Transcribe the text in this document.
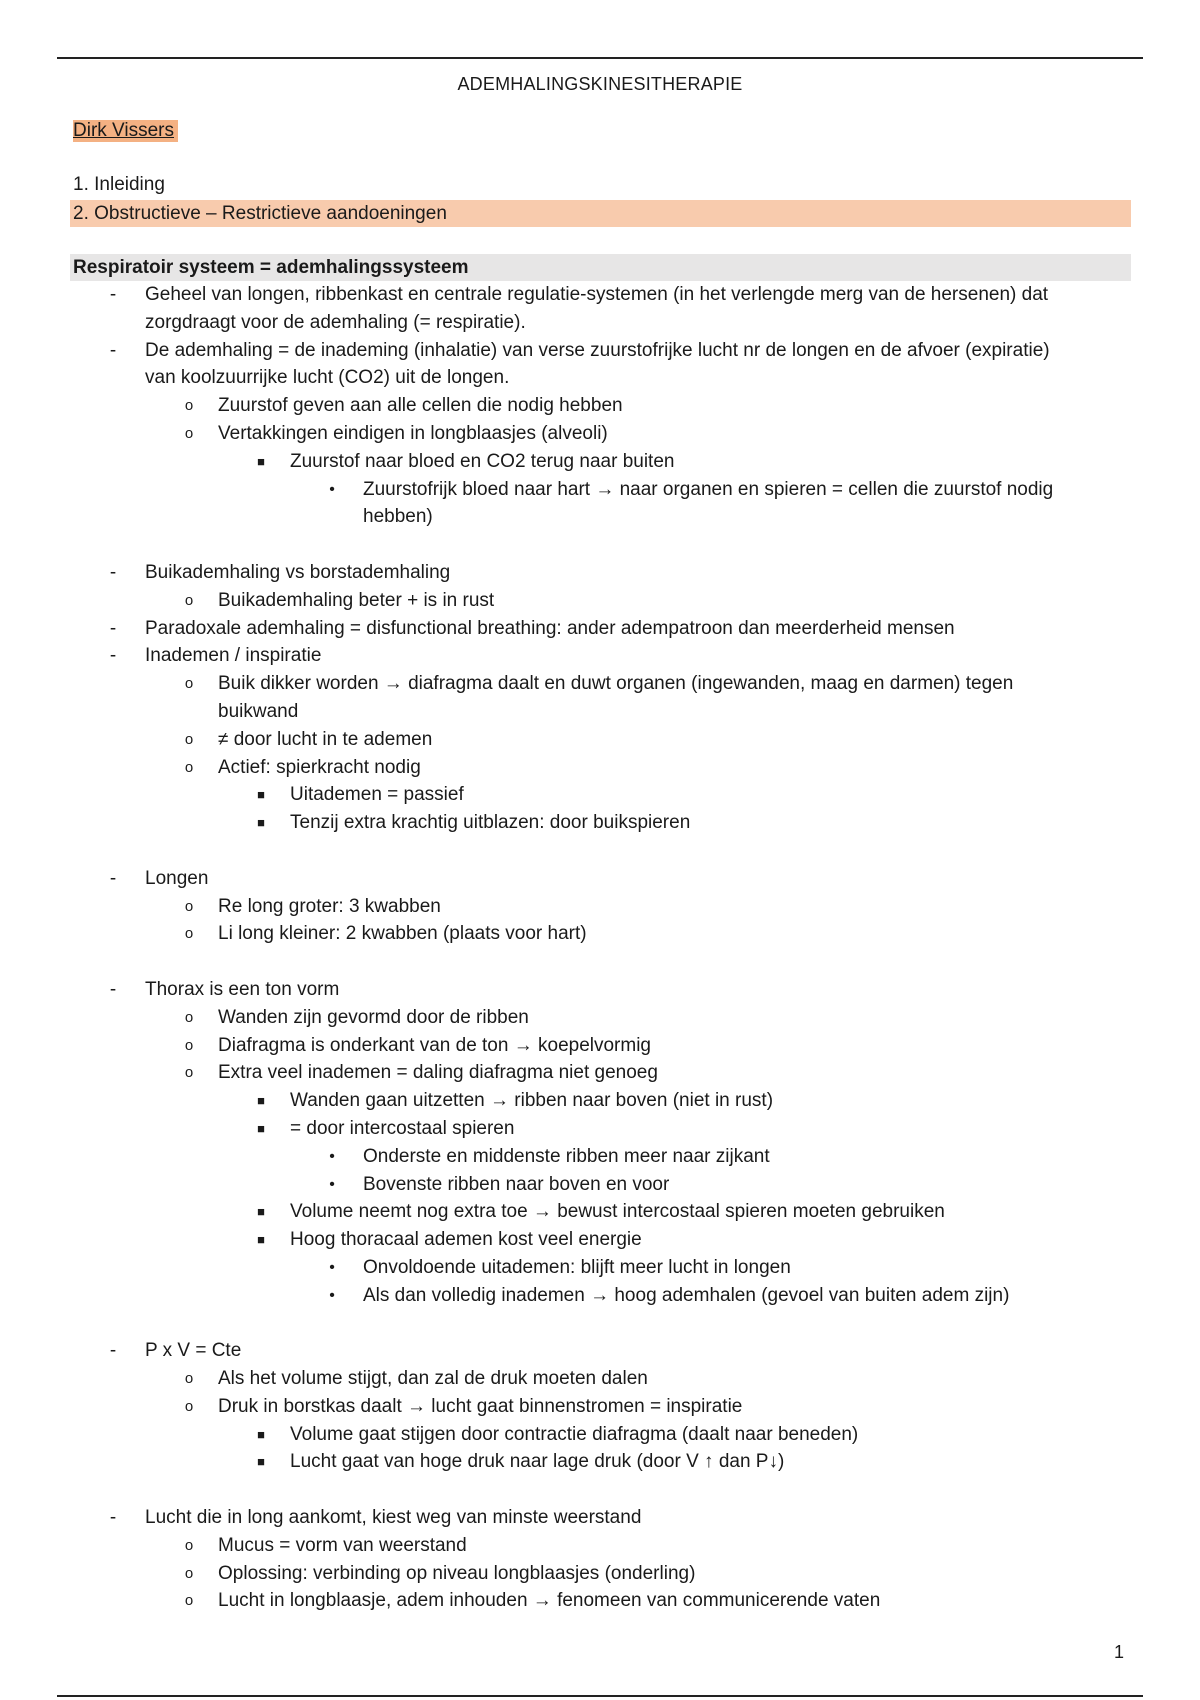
ADEMHALINGSKINESITHERAPIE
Dirk Vissers
1. Inleiding
2. Obstructieve – Restrictieve aandoeningen
Respiratoir systeem = ademhalingssysteem
-	Geheel van longen, ribbenkast en centrale regulatie-systemen (in het verlengde merg van de hersenen) dat
zorgdraagt voor de ademhaling (= respiratie).
-	De ademhaling = de inademing (inhalatie) van verse zuurstofrijke lucht nr de longen en de afvoer (expiratie)
van koolzuurrijke lucht (CO2) uit de longen.
o	Zuurstof geven aan alle cellen die nodig hebben
o	Vertakkingen eindigen in longblaasjes (alveoli)
■	Zuurstof naar bloed en CO2 terug naar buiten
•	Zuurstofrijk bloed naar hart → naar organen en spieren = cellen die zuurstof nodig
hebben)
-	Buikademhaling vs borstademhaling
o	Buikademhaling beter + is in rust
-	Paradoxale ademhaling = disfunctional breathing: ander adempatroon dan meerderheid mensen
-	Inademen / inspiratie
o	Buik dikker worden → diafragma daalt en duwt organen (ingewanden, maag en darmen) tegen
buikwand
o	≠ door lucht in te ademen
o	Actief: spierkracht nodig
■	Uitademen = passief
■	Tenzij extra krachtig uitblazen: door buikspieren
-	Longen
o	Re long groter: 3 kwabben
o	Li long kleiner: 2 kwabben (plaats voor hart)
-	Thorax is een ton vorm
o	Wanden zijn gevormd door de ribben
o	Diafragma is onderkant van de ton → koepelvormig
o	Extra veel inademen = daling diafragma niet genoeg
■	Wanden gaan uitzetten → ribben naar boven (niet in rust)
■	= door intercostaal spieren
•	Onderste en middenste ribben meer naar zijkant
•	Bovenste ribben naar boven en voor
■	Volume neemt nog extra toe → bewust intercostaal spieren moeten gebruiken
■	Hoog thoracaal ademen kost veel energie
•	Onvoldoende uitademen: blijft meer lucht in longen
•	Als dan volledig inademen → hoog ademhalen (gevoel van buiten adem zijn)
-	P x V = Cte
o	Als het volume stijgt, dan zal de druk moeten dalen
o	Druk in borstkas daalt → lucht gaat binnenstromen = inspiratie
■	Volume gaat stijgen door contractie diafragma (daalt naar beneden)
■	Lucht gaat van hoge druk naar lage druk (door V ↑ dan P↓)
-	Lucht die in long aankomt, kiest weg van minste weerstand
o	Mucus = vorm van weerstand
o	Oplossing: verbinding op niveau longblaasjes (onderling)
o	Lucht in longblaasje, adem inhouden → fenomeen van communicerende vaten
1
